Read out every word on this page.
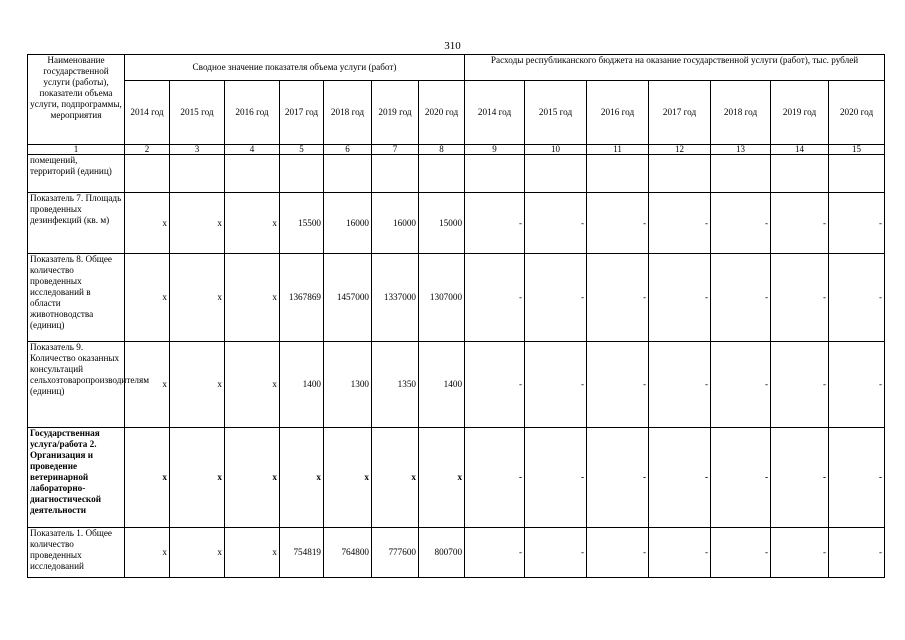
310
Наименование государственной услуги (работы), показатели объема услуги, подпрограммы, мероприятия	Сводное значение показателя объема услуги (работ)							Расходы республиканского бюджета на оказание государственной услуги (работ), тыс. рублей						
	2014 год	2015 год	2016 год	2017 год	2018 год	2019 год	2020 год	2014 год	2015 год	2016 год	2017 год	2018 год	2019 год	2020 год
1	2	3	4	5	6	7	8	9	10	11	12	13	14	15
помещений, территорий (единиц)														
Показатель 7. Площадь проведенных дезинфекций (кв. м)	x	x	x	15500	16000	16000	15000	-	-	-	-	-	-	-
Показатель 8. Общее количество проведенных исследований в области животноводства (единиц)	x	x	x	1367869	1457000	1337000	1307000	-	-	-	-	-	-	-
Показатель 9. Количество оказанных консультаций сельхозтоваропроизводителям (единиц)	x	x	x	1400	1300	1350	1400	-	-	-	-	-	-	-
Государственная услуга/работа 2. Организация и проведение ветеринарной лабораторно-диагностической деятельности	x	x	x	x	x	x	x	-	-	-	-	-	-	-
Показатель 1. Общее количество проведенных исследований	x	x	x	754819	764800	777600	800700	-	-	-	-	-	-	-
